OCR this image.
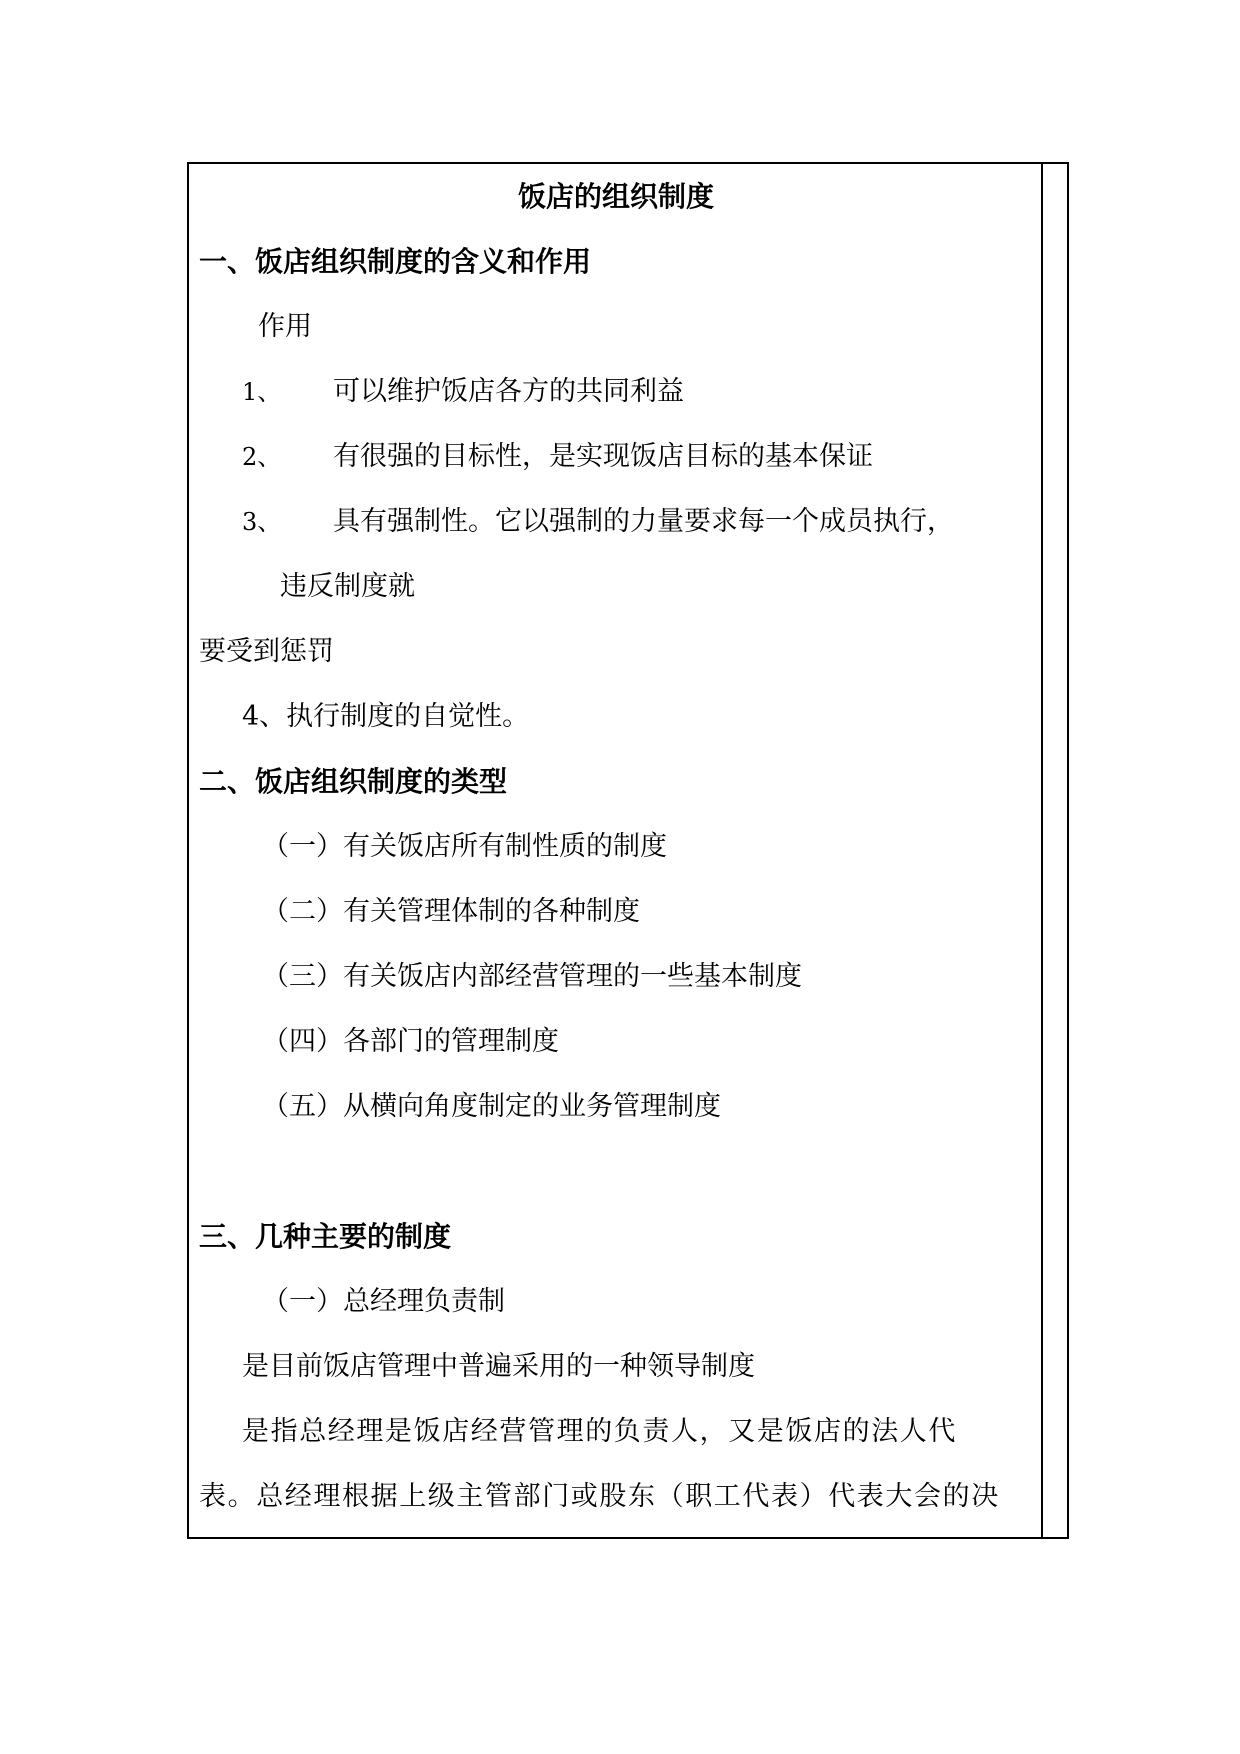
饭店的组织制度
一、饭店组织制度的含义和作用
作用
1、 可以维护饭店各方的共同利益
2、 有很强的目标性，是实现饭店目标的基本保证
3、 具有强制性。它以强制的力量要求每一个成员执行，
违反制度就
要受到惩罚
4、执行制度的自觉性。
二、饭店组织制度的类型
（一）有关饭店所有制性质的制度
（二）有关管理体制的各种制度
（三）有关饭店内部经营管理的一些基本制度
（四）各部门的管理制度
（五）从横向角度制定的业务管理制度
三、几种主要的制度
（一）总经理负责制
是目前饭店管理中普遍采用的一种领导制度
是指总经理是饭店经营管理的负责人，又是饭店的法人代
表。总经理根据上级主管部门或股东（职工代表）代表大会的决
